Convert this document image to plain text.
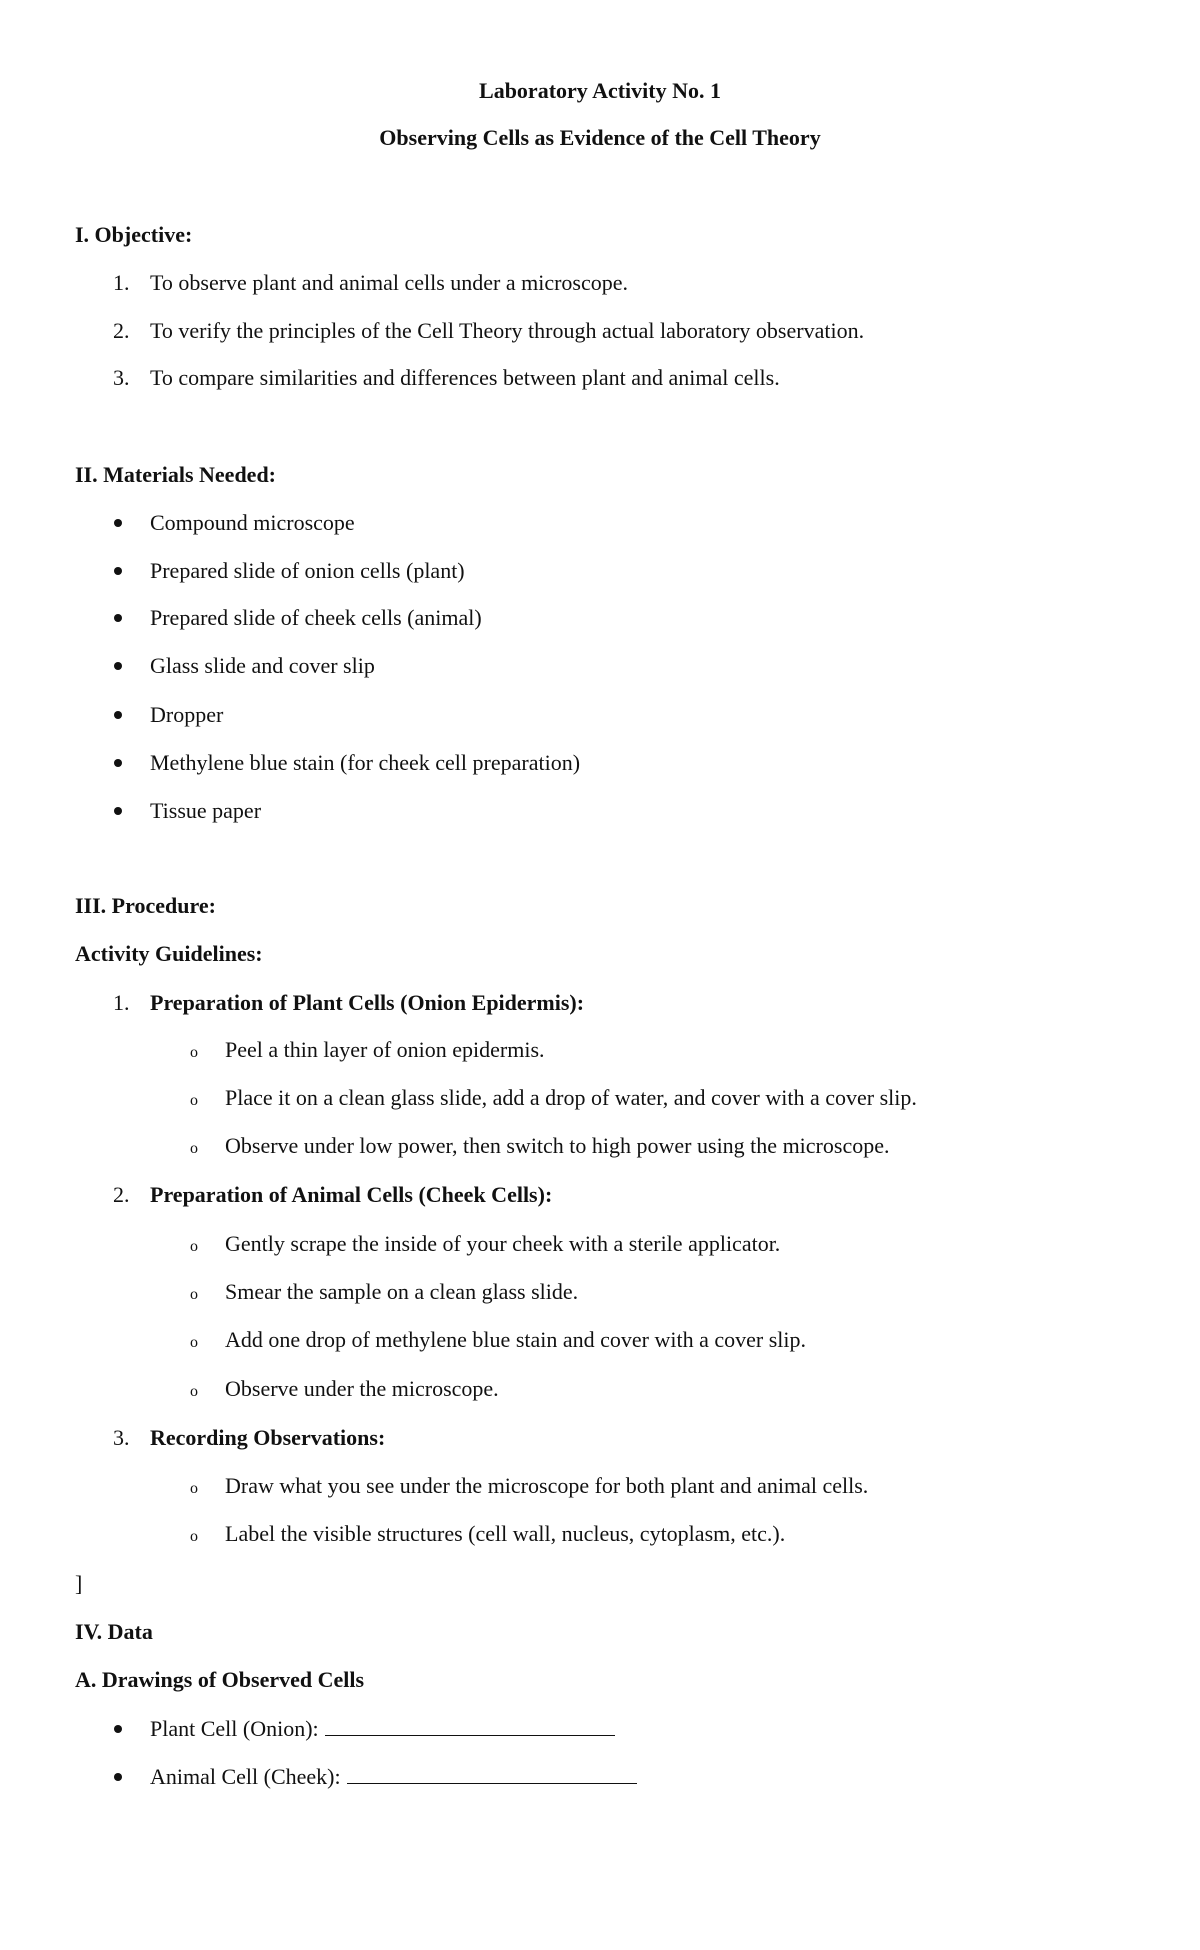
Laboratory Activity No. 1
Observing Cells as Evidence of the Cell Theory
I. Objective:
1. To observe plant and animal cells under a microscope.
2. To verify the principles of the Cell Theory through actual laboratory observation.
3. To compare similarities and differences between plant and animal cells.
II. Materials Needed:
Compound microscope
Prepared slide of onion cells (plant)
Prepared slide of cheek cells (animal)
Glass slide and cover slip
Dropper
Methylene blue stain (for cheek cell preparation)
Tissue paper
III. Procedure:
Activity Guidelines:
1. Preparation of Plant Cells (Onion Epidermis):
o Peel a thin layer of onion epidermis.
o Place it on a clean glass slide, add a drop of water, and cover with a cover slip.
o Observe under low power, then switch to high power using the microscope.
2. Preparation of Animal Cells (Cheek Cells):
o Gently scrape the inside of your cheek with a sterile applicator.
o Smear the sample on a clean glass slide.
o Add one drop of methylene blue stain and cover with a cover slip.
o Observe under the microscope.
3. Recording Observations:
o Draw what you see under the microscope for both plant and animal cells.
o Label the visible structures (cell wall, nucleus, cytoplasm, etc.).
]
IV. Data
A. Drawings of Observed Cells
Plant Cell (Onion):
Animal Cell (Cheek):
